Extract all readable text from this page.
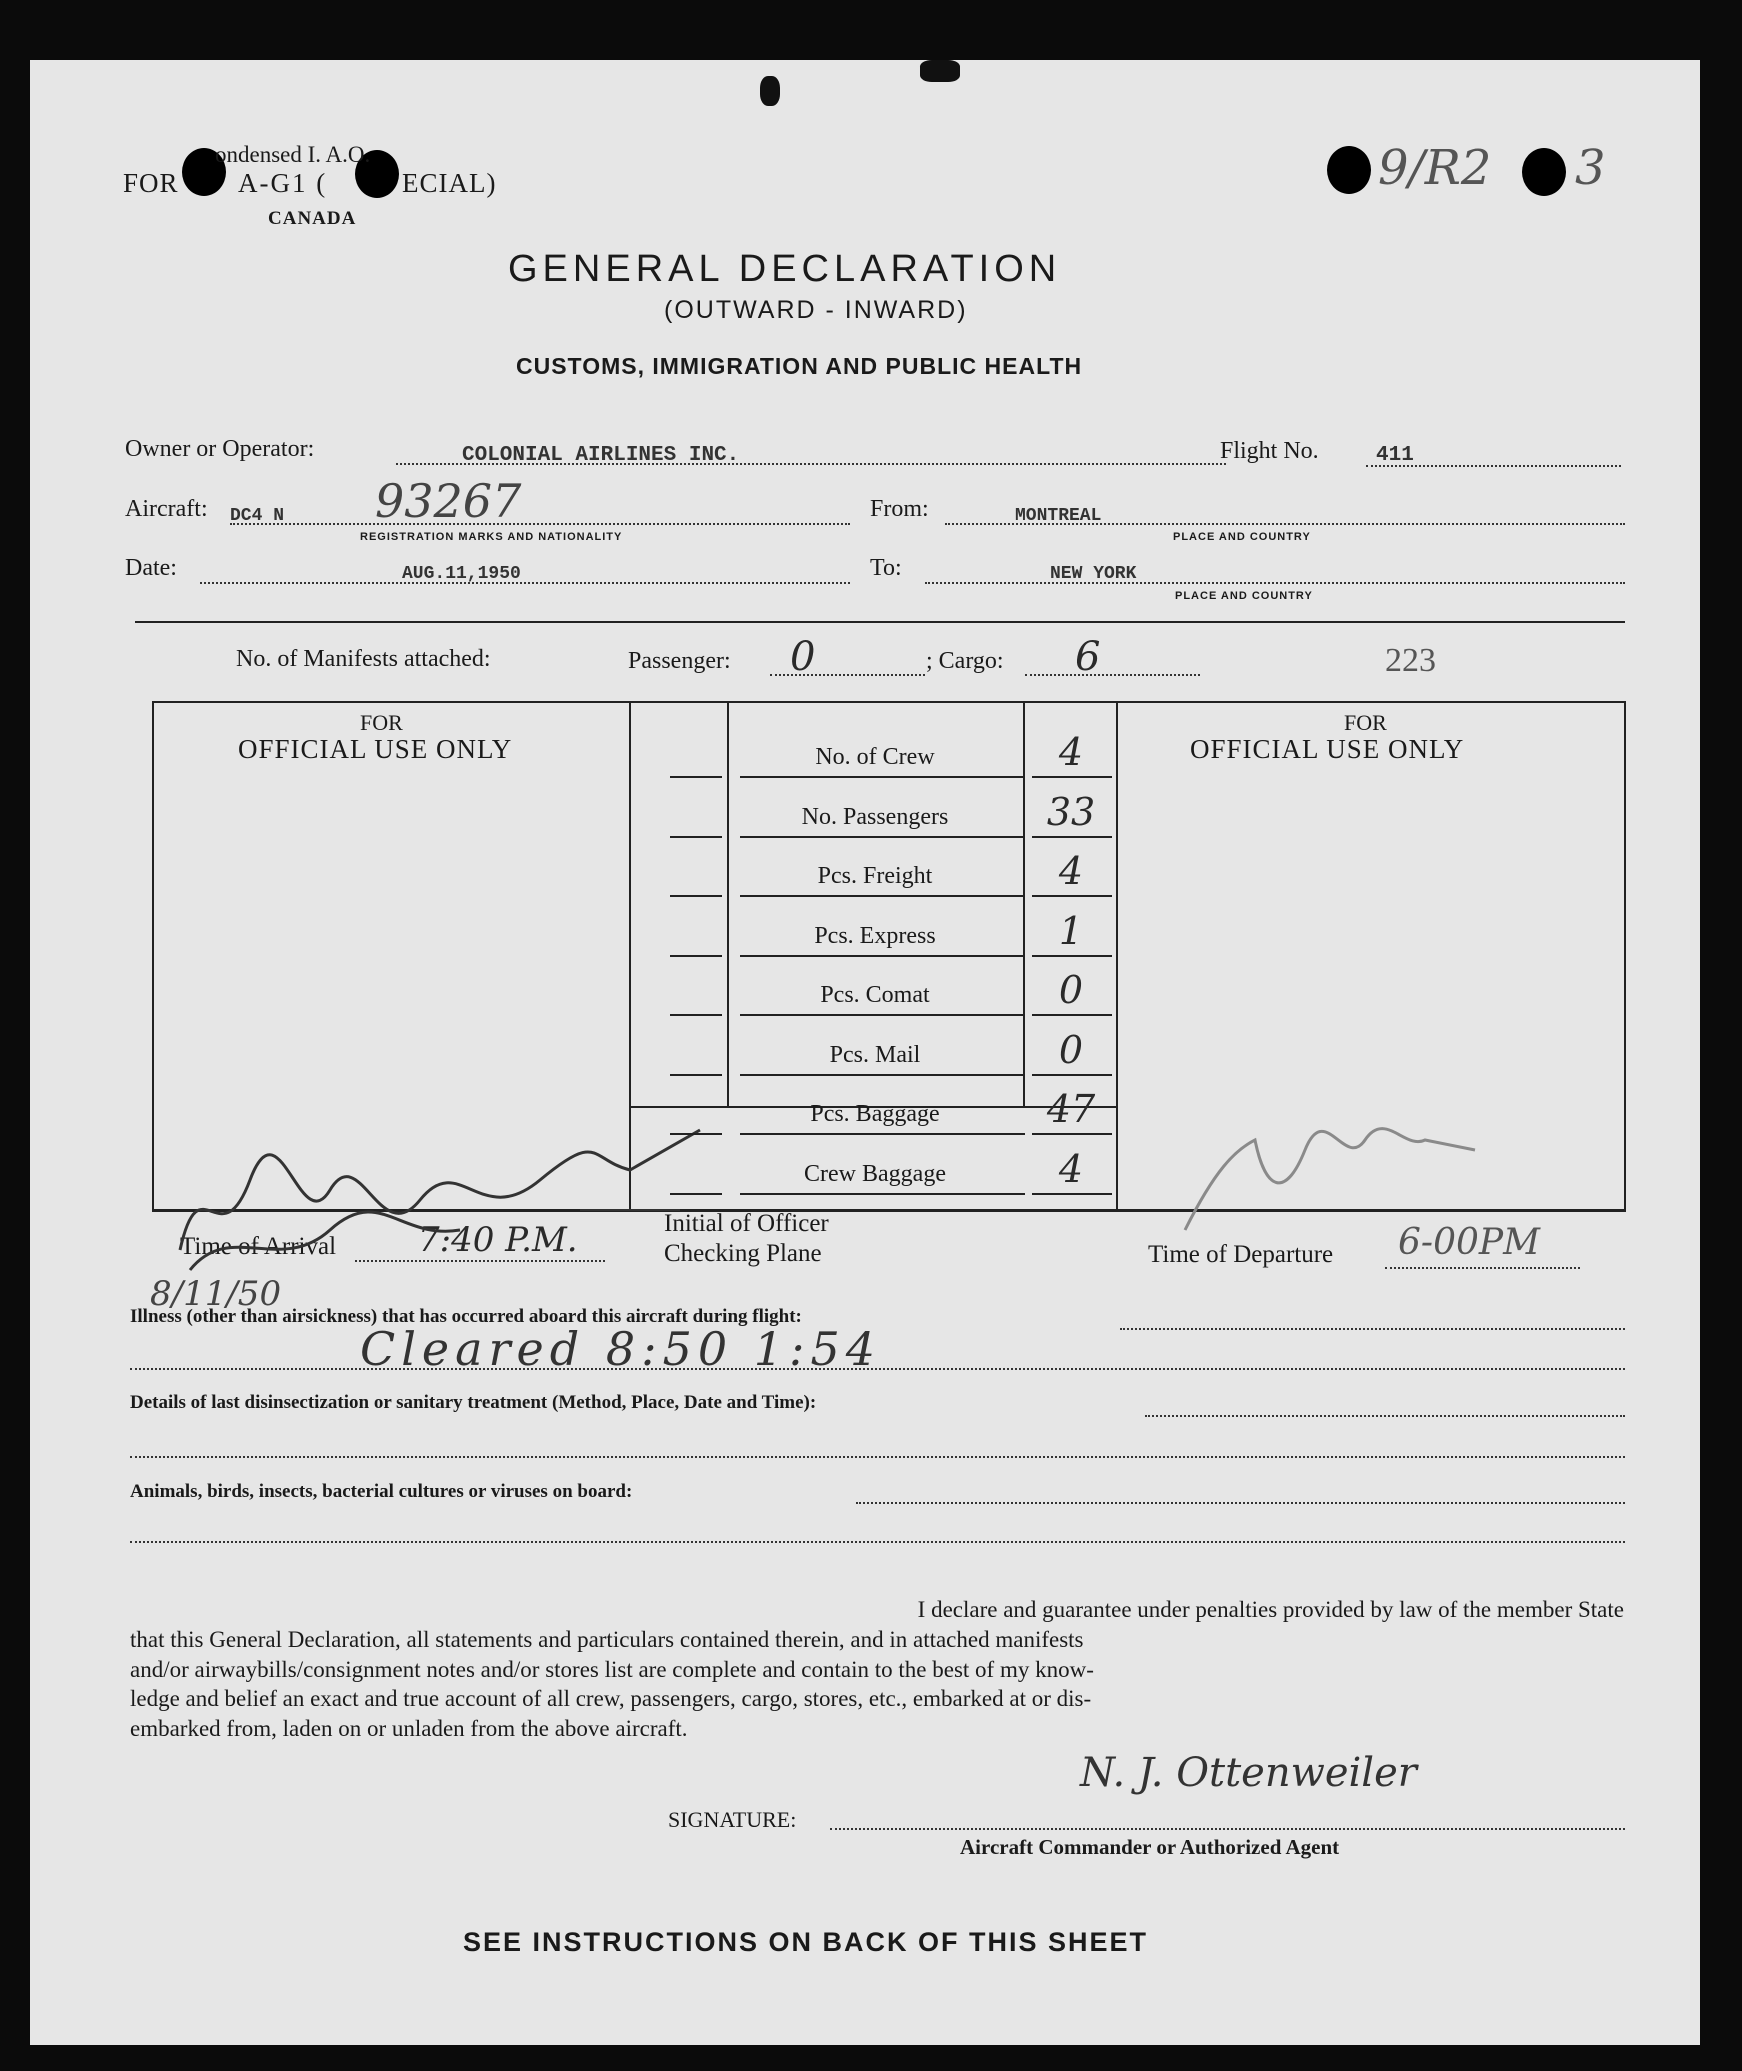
ondensed I. A.O.
FOR A-G1 (	ECIAL)
CANADA
9/R2 3
GENERAL DECLARATION
(OUTWARD - INWARD)
CUSTOMS, IMMIGRATION AND PUBLIC HEALTH
Owner or Operator:	COLONIAL AIRLINES INC.	Flight No.	411
Aircraft: DC4 N 93267
REGISTRATION MARKS AND NATIONALITY
From:	MONTREAL
PLACE AND COUNTRY
Date:	AUG.11,1950	To:	NEW YORK
PLACE AND COUNTRY
No. of Manifests attached:	Passenger: 0	; Cargo: 6	223
FOR
OFFICIAL USE ONLY
FOR
OFFICIAL USE ONLY
Time of Arrival 7:40 P.M.
8/11/50
Initial of Officer
Checking Plane	Time of Departure 6-00PM
Illness (other than airsickness) that has occurred aboard this aircraft during flight:
Cleared 8:50 1:54
Details of last disinsectization or sanitary treatment (Method, Place, Date and Time):
Animals, birds, insects, bacterial cultures or viruses on board:
I declare and guarantee under penalties provided by law of the member State
that this General Declaration, all statements and particulars contained therein, and in attached manifests
and/or airwaybills/consignment notes and/or stores list are complete and contain to the best of my know-
ledge and belief an exact and true account of all crew, passengers, cargo, stores, etc., embarked at or dis-
embarked from, laden on or unladen from the above aircraft.
N. J. Ottenweiler
SIGNATURE:
Aircraft Commander or Authorized Agent
SEE INSTRUCTIONS ON BACK OF THIS SHEET
No. of Crew	4
No. Passengers	33
Pcs. Freight	4
Pcs. Express	1
Pcs. Comat	0
Pcs. Mail	0
Pcs. Baggage	47
Crew Baggage	4
